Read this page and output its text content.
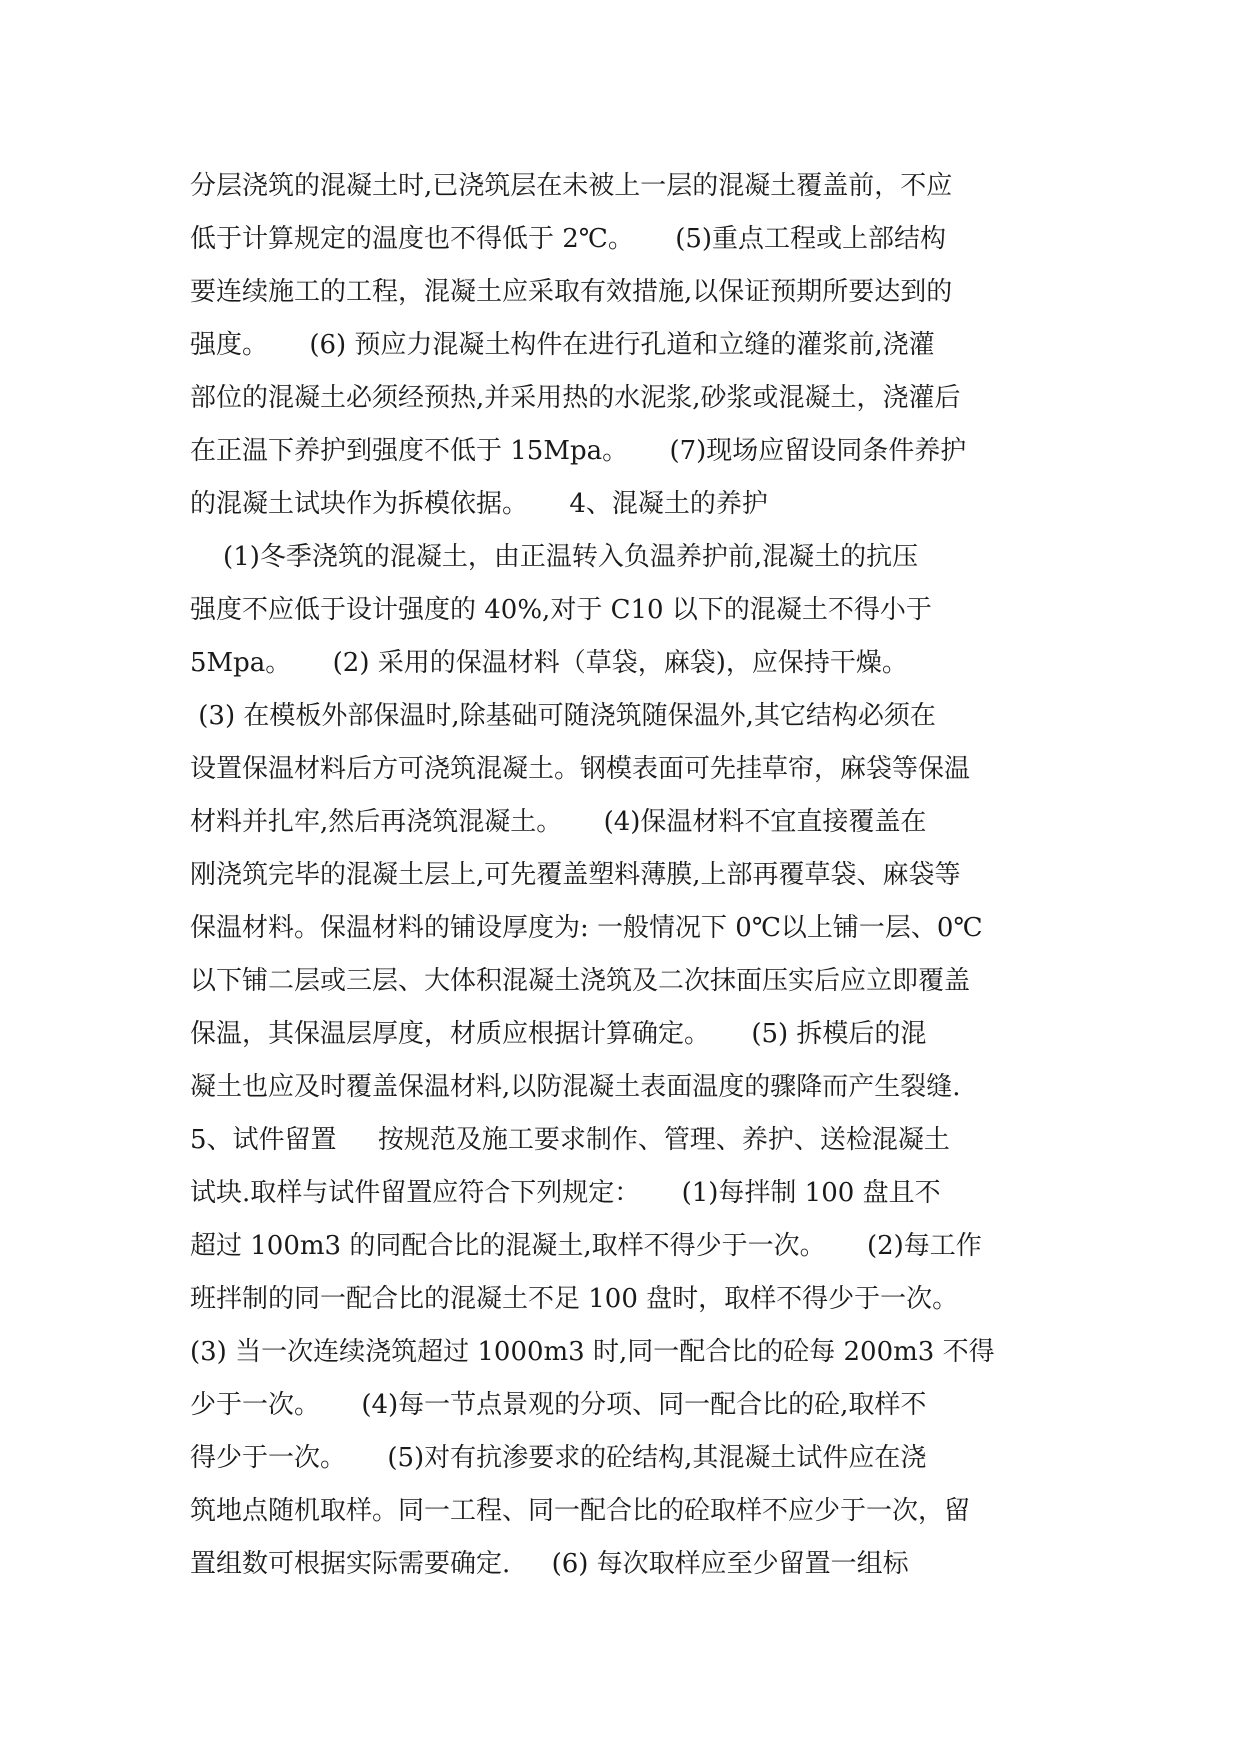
分层浇筑的混凝土时,已浇筑层在未被上一层的混凝土覆盖前，不应
低于计算规定的温度也不得低于 2℃。     (5)重点工程或上部结构
要连续施工的工程，混凝土应采取有效措施,以保证预期所要达到的
强度。     (6) 预应力混凝土构件在进行孔道和立缝的灌浆前,浇灌
部位的混凝土必须经预热,并采用热的水泥浆,砂浆或混凝土，浇灌后
在正温下养护到强度不低于 15Mpa。     (7)现场应留设同条件养护
的混凝土试块作为拆模依据。     4、混凝土的养护
(1)冬季浇筑的混凝土，由正温转入负温养护前,混凝土的抗压
强度不应低于设计强度的 40%,对于 C10 以下的混凝土不得小于
5Mpa。     (2) 采用的保温材料（草袋，麻袋)，应保持干燥。
(3) 在模板外部保温时,除基础可随浇筑随保温外,其它结构必须在
设置保温材料后方可浇筑混凝土。钢模表面可先挂草帘，麻袋等保温
材料并扎牢,然后再浇筑混凝土。     (4)保温材料不宜直接覆盖在
刚浇筑完毕的混凝土层上,可先覆盖塑料薄膜,上部再覆草袋、麻袋等
保温材料。保温材料的铺设厚度为: 一般情况下 0℃以上铺一层、0℃
以下铺二层或三层、大体积混凝土浇筑及二次抹面压实后应立即覆盖
保温，其保温层厚度，材质应根据计算确定。     (5) 拆模后的混
凝土也应及时覆盖保温材料,以防混凝土表面温度的骤降而产生裂缝.
5、试件留置     按规范及施工要求制作、管理、养护、送检混凝土
试块.取样与试件留置应符合下列规定：     (1)每拌制 100 盘且不
超过 100m3 的同配合比的混凝土,取样不得少于一次。     (2)每工作
班拌制的同一配合比的混凝土不足 100 盘时，取样不得少于一次。
(3) 当一次连续浇筑超过 1000m3 时,同一配合比的砼每 200m3 不得
少于一次。     (4)每一节点景观的分项、同一配合比的砼,取样不
得少于一次。     (5)对有抗渗要求的砼结构,其混凝土试件应在浇
筑地点随机取样。同一工程、同一配合比的砼取样不应少于一次，留
置组数可根据实际需要确定.     (6) 每次取样应至少留置一组标
